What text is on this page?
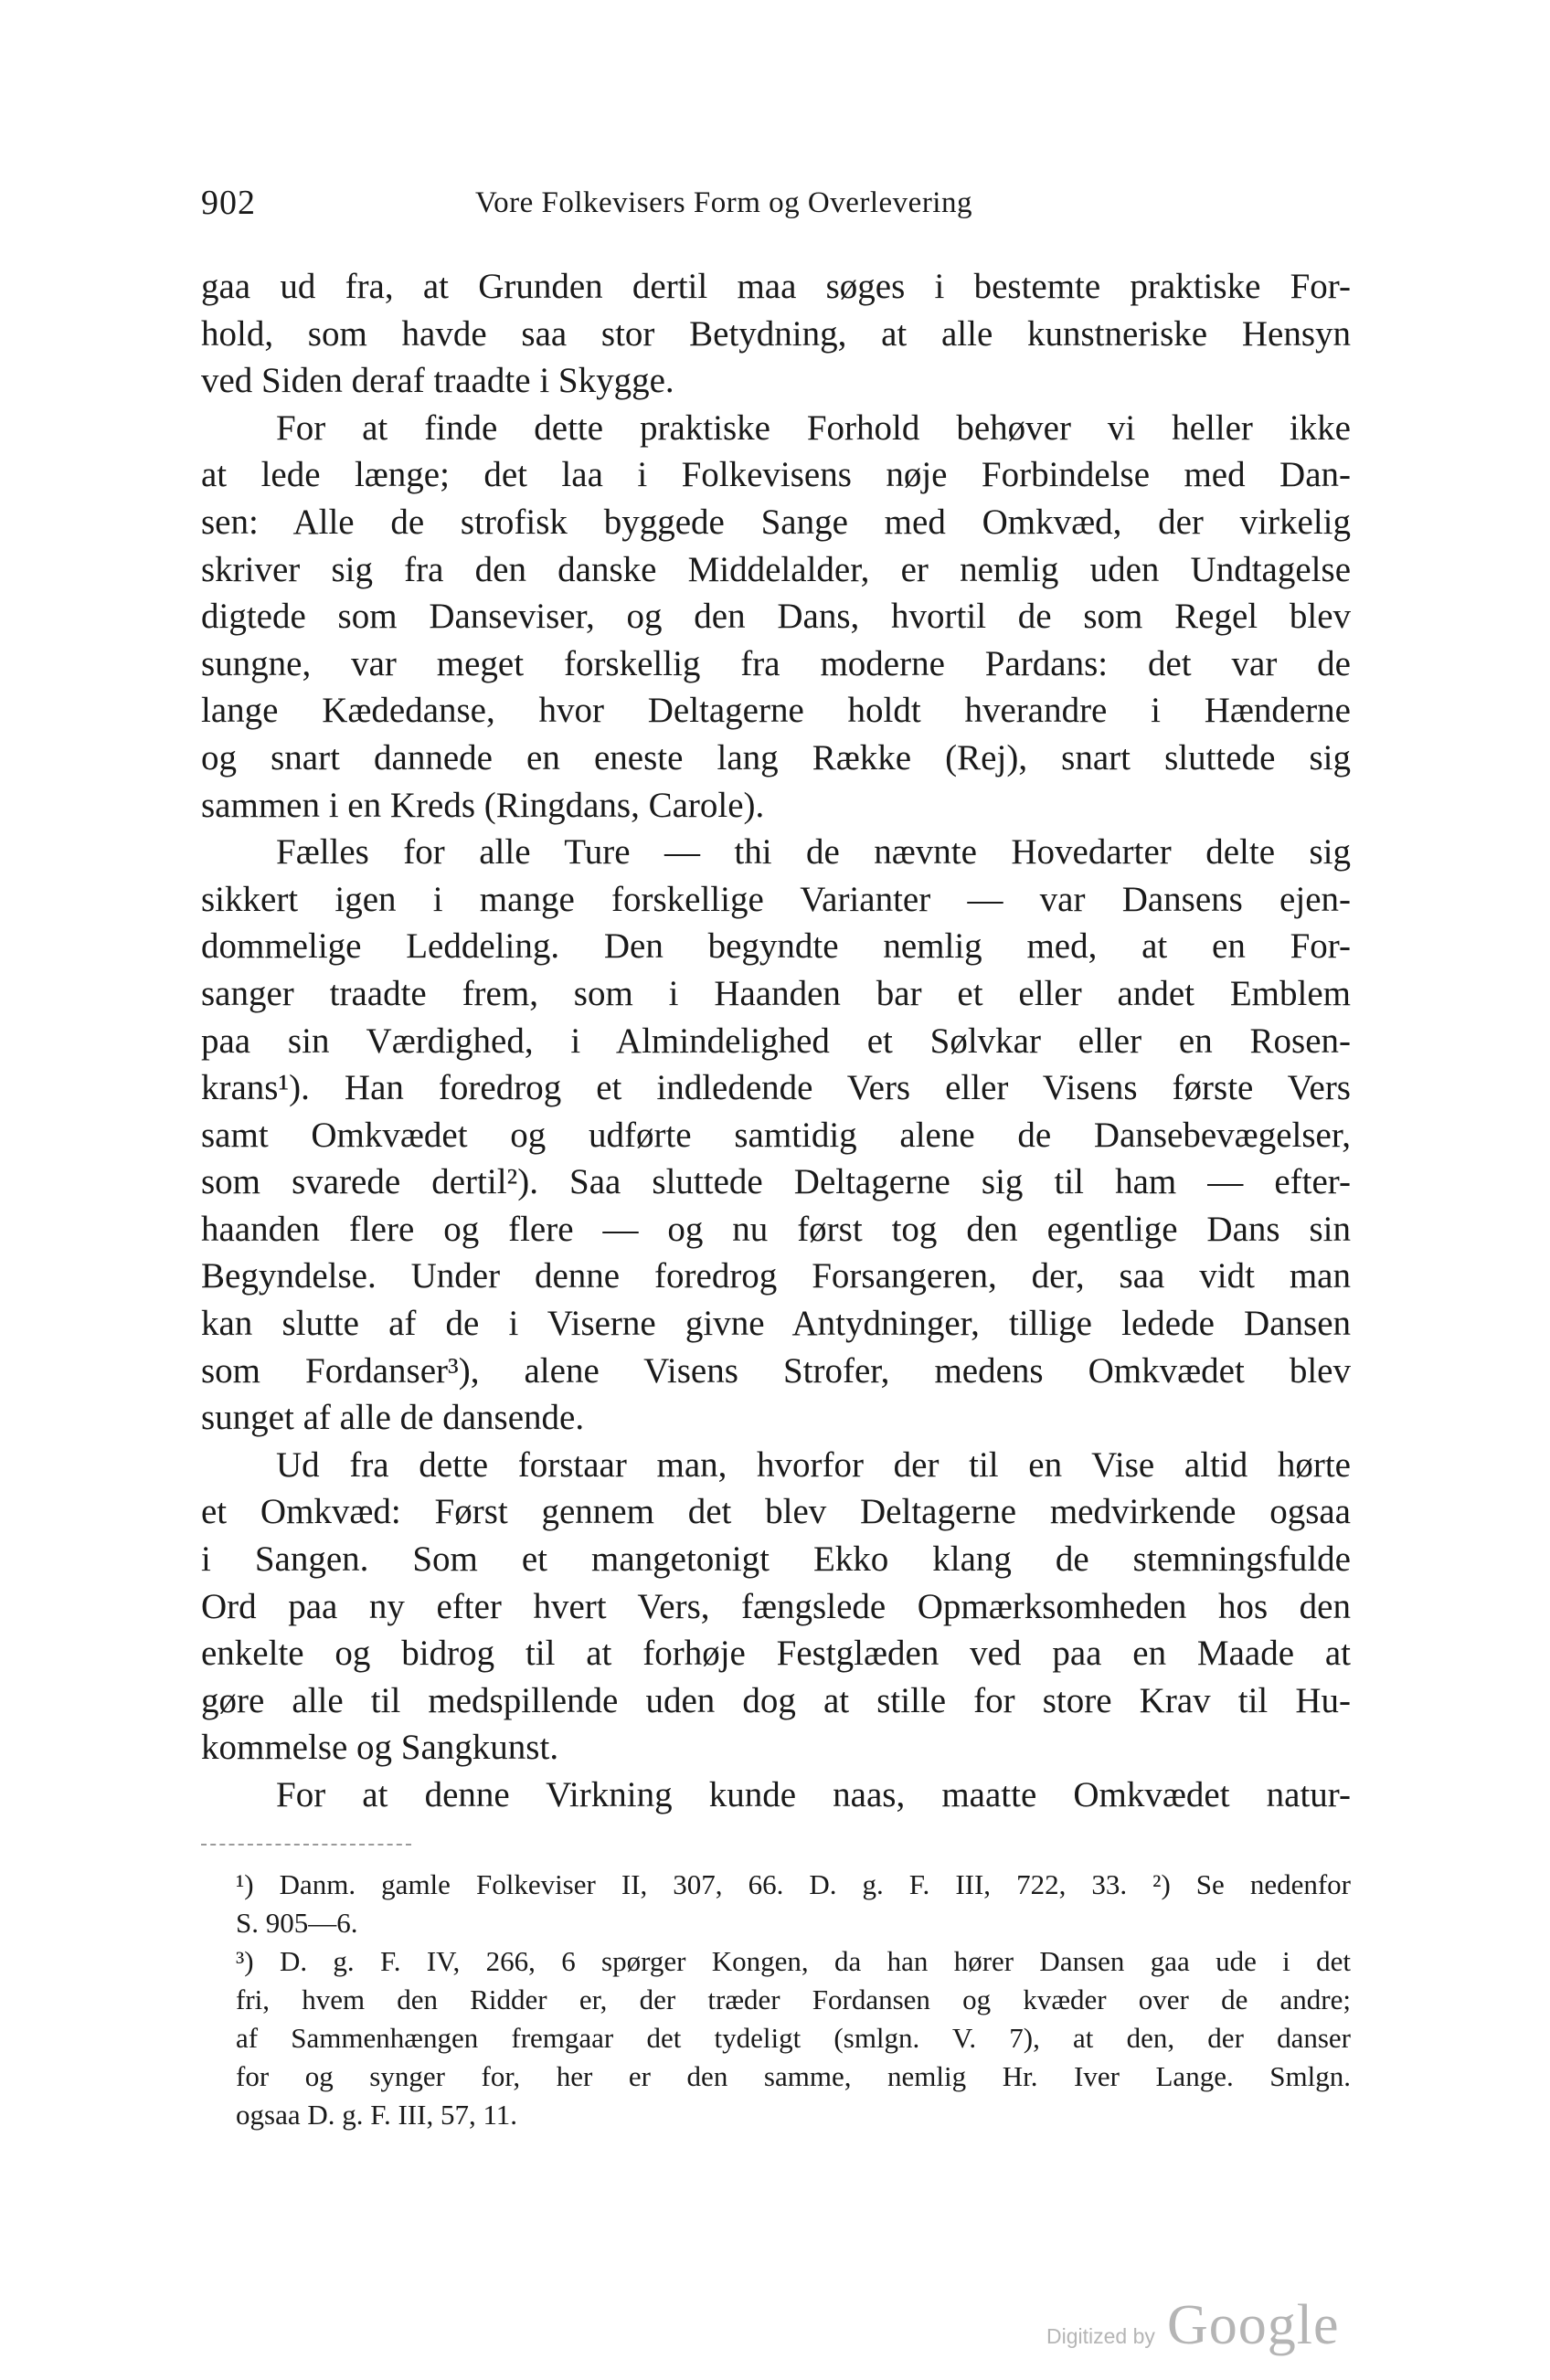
902	Vore Folkevisers Form og Overlevering
gaa ud fra, at Grunden dertil maa søges i bestemte praktiske For-
hold, som havde saa stor Betydning, at alle kunstneriske Hensyn
ved Siden deraf traadte i Skygge.
For at finde dette praktiske Forhold behøver vi heller ikke
at lede længe; det laa i Folkevisens nøje Forbindelse med Dan-
sen: Alle de strofisk byggede Sange med Omkvæd, der virkelig
skriver sig fra den danske Middelalder, er nemlig uden Undtagelse
digtede som Danseviser, og den Dans, hvortil de som Regel blev
sungne, var meget forskellig fra moderne Pardans: det var de
lange Kædedanse, hvor Deltagerne holdt hverandre i Hænderne
og snart dannede en eneste lang Række (Rej), snart sluttede sig
sammen i en Kreds (Ringdans, Carole).
Fælles for alle Ture — thi de nævnte Hovedarter delte sig
sikkert igen i mange forskellige Varianter — var Dansens ejen-
dommelige Leddeling. Den begyndte nemlig med, at en For-
sanger traadte frem, som i Haanden bar et eller andet Emblem
paa sin Værdighed, i Almindelighed et Sølvkar eller en Rosen-
krans¹). Han foredrog et indledende Vers eller Visens første Vers
samt Omkvædet og udførte samtidig alene de Dansebevægelser,
som svarede dertil²). Saa sluttede Deltagerne sig til ham — efter-
haanden flere og flere — og nu først tog den egentlige Dans sin
Begyndelse. Under denne foredrog Forsangeren, der, saa vidt man
kan slutte af de i Viserne givne Antydninger, tillige ledede Dansen
som Fordanser³), alene Visens Strofer, medens Omkvædet blev
sunget af alle de dansende.
Ud fra dette forstaar man, hvorfor der til en Vise altid hørte
et Omkvæd: Først gennem det blev Deltagerne medvirkende ogsaa
i Sangen. Som et mangetonigt Ekko klang de stemningsfulde
Ord paa ny efter hvert Vers, fængslede Opmærksomheden hos den
enkelte og bidrog til at forhøje Festglæden ved paa en Maade at
gøre alle til medspillende uden dog at stille for store Krav til Hu-
kommelse og Sangkunst.
For at denne Virkning kunde naas, maatte Omkvædet natur-
¹) Danm. gamle Folkeviser II, 307, 66. D. g. F. III, 722, 33. ²) Se nedenfor
S. 905—6.
³) D. g. F. IV, 266, 6 spørger Kongen, da han hører Dansen gaa ude i det
fri, hvem den Ridder er, der træder Fordansen og kvæder over de andre;
af Sammenhængen fremgaar det tydeligt (smlgn. V. 7), at den, der danser
for og synger for, her er den samme, nemlig Hr. Iver Lange. Smlgn.
ogsaa D. g. F. III, 57, 11.
Digitized by Google
